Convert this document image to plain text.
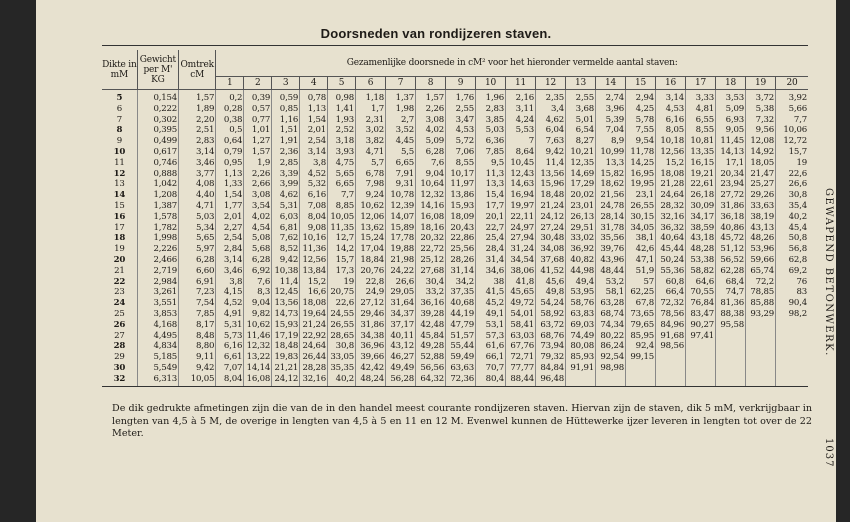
Doorsneden van rondijzeren staven.
Dikte in mM	Gewicht per M' KG	Omtrek cM	Gezamenlijke doorsnede in cM² voor het hieronder vermelde aantal staven:																			
			1	2	3	4	5	6	7	8	9	10	11	12	13	14	15	16	17	18	19	20
5	0,154	1,57	0,2	0,39	0,59	0,78	0,98	1,18	1,37	1,57	1,76	1,96	2,16	2,35	2,55	2,74	2,94	3,14	3,33	3,53	3,72	3,92
6	0,222	1,89	0,28	0,57	0,85	1,13	1,41	1,7	1,98	2,26	2,55	2,83	3,11	3,4	3,68	3,96	4,25	4,53	4,81	5,09	5,38	5,66
7	0,302	2,20	0,38	0,77	1,16	1,54	1,93	2,31	2,7	3,08	3,47	3,85	4,24	4,62	5,01	5,39	5,78	6,16	6,55	6,93	7,32	7,7
8	0,395	2,51	0,5	1,01	1,51	2,01	2,52	3,02	3,52	4,02	4,53	5,03	5,53	6,04	6,54	7,04	7,55	8,05	8,55	9,05	9,56	10,06
9	0,499	2,83	0,64	1,27	1,91	2,54	3,18	3,82	4,45	5,09	5,72	6,36	7	7,63	8,27	8,9	9,54	10,18	10,81	11,45	12,08	12,72
10	0,617	3,14	0,79	1,57	2,36	3,14	3,93	4,71	5,5	6,28	7,06	7,85	8,64	9,42	10,21	10,99	11,78	12,56	13,35	14,13	14,92	15,7
11	0,746	3,46	0,95	1,9	2,85	3,8	4,75	5,7	6,65	7,6	8,55	9,5	10,45	11,4	12,35	13,3	14,25	15,2	16,15	17,1	18,05	19
12	0,888	3,77	1,13	2,26	3,39	4,52	5,65	6,78	7,91	9,04	10,17	11,3	12,43	13,56	14,69	15,82	16,95	18,08	19,21	20,34	21,47	22,6
13	1,042	4,08	1,33	2,66	3,99	5,32	6,65	7,98	9,31	10,64	11,97	13,3	14,63	15,96	17,29	18,62	19,95	21,28	22,61	23,94	25,27	26,6
14	1,208	4,40	1,54	3,08	4,62	6,16	7,7	9,24	10,78	12,32	13,86	15,4	16,94	18,48	20,02	21,56	23,1	24,64	26,18	27,72	29,26	30,8
15	1,387	4,71	1,77	3,54	5,31	7,08	8,85	10,62	12,39	14,16	15,93	17,7	19,97	21,24	23,01	24,78	26,55	28,32	30,09	31,86	33,63	35,4
16	1,578	5,03	2,01	4,02	6,03	8,04	10,05	12,06	14,07	16,08	18,09	20,1	22,11	24,12	26,13	28,14	30,15	32,16	34,17	36,18	38,19	40,2
17	1,782	5,34	2,27	4,54	6,81	9,08	11,35	13,62	15,89	18,16	20,43	22,7	24,97	27,24	29,51	31,78	34,05	36,32	38,59	40,86	43,13	45,4
18	1,998	5,65	2,54	5,08	7,62	10,16	12,7	15,24	17,78	20,32	22,86	25,4	27,94	30,48	33,02	35,56	38,1	40,64	43,18	45,72	48,26	50,8
19	2,226	5,97	2,84	5,68	8,52	11,36	14,2	17,04	19,88	22,72	25,56	28,4	31,24	34,08	36,92	39,76	42,6	45,44	48,28	51,12	53,96	56,8
20	2,466	6,28	3,14	6,28	9,42	12,56	15,7	18,84	21,98	25,12	28,26	31,4	34,54	37,68	40,82	43,96	47,1	50,24	53,38	56,52	59,66	62,8
21	2,719	6,60	3,46	6,92	10,38	13,84	17,3	20,76	24,22	27,68	31,14	34,6	38,06	41,52	44,98	48,44	51,9	55,36	58,82	62,28	65,74	69,2
22	2,984	6,91	3,8	7,6	11,4	15,2	19	22,8	26,6	30,4	34,2	38	41,8	45,6	49,4	53,2	57	60,8	64,6	68,4	72,2	76
23	3,261	7,23	4,15	8,3	12,45	16,6	20,75	24,9	29,05	33,2	37,35	41,5	45,65	49,8	53,95	58,1	62,25	66,4	70,55	74,7	78,85	83
24	3,551	7,54	4,52	9,04	13,56	18,08	22,6	27,12	31,64	36,16	40,68	45,2	49,72	54,24	58,76	63,28	67,8	72,32	76,84	81,36	85,88	90,4
25	3,853	7,85	4,91	9,82	14,73	19,64	24,55	29,46	34,37	39,28	44,19	49,1	54,01	58,92	63,83	68,74	73,65	78,56	83,47	88,38	93,29	98,2
26	4,168	8,17	5,31	10,62	15,93	21,24	26,55	31,86	37,17	42,48	47,79	53,1	58,41	63,72	69,03	74,34	79,65	84,96	90,27	95,58		
27	4,495	8,48	5,73	11,46	17,19	22,92	28,65	34,38	40,11	45,84	51,57	57,3	63,03	68,76	74,49	80,22	85,95	91,68	97,41			
28	4,834	8,80	6,16	12,32	18,48	24,64	30,8	36,96	43,12	49,28	55,44	61,6	67,76	73,94	80,08	86,24	92,4	98,56				
29	5,185	9,11	6,61	13,22	19,83	26,44	33,05	39,66	46,27	52,88	59,49	66,1	72,71	79,32	85,93	92,54	99,15					
30	5,549	9,42	7,07	14,14	21,21	28,28	35,35	42,42	49,49	56,56	63,63	70,7	77,77	84,84	91,91	98,98						
32	6,313	10,05	8,04	16,08	24,12	32,16	40,2	48,24	56,28	64,32	72,36	80,4	88,44	96,48								
GEWAPEND BETONWERK.
1037
De dik gedrukte afmetingen zijn die van de in den handel meest courante rondijzeren staven. Hiervan zijn de staven, dik 5 mM, verkrijgbaar in lengten van 4,5 à 5 M, de overige in lengten van 4,5 à 5 en 11 en 12 M. Evenwel kunnen de Hüttewerke ijzer leveren in lengten tot over de 22 Meter.
